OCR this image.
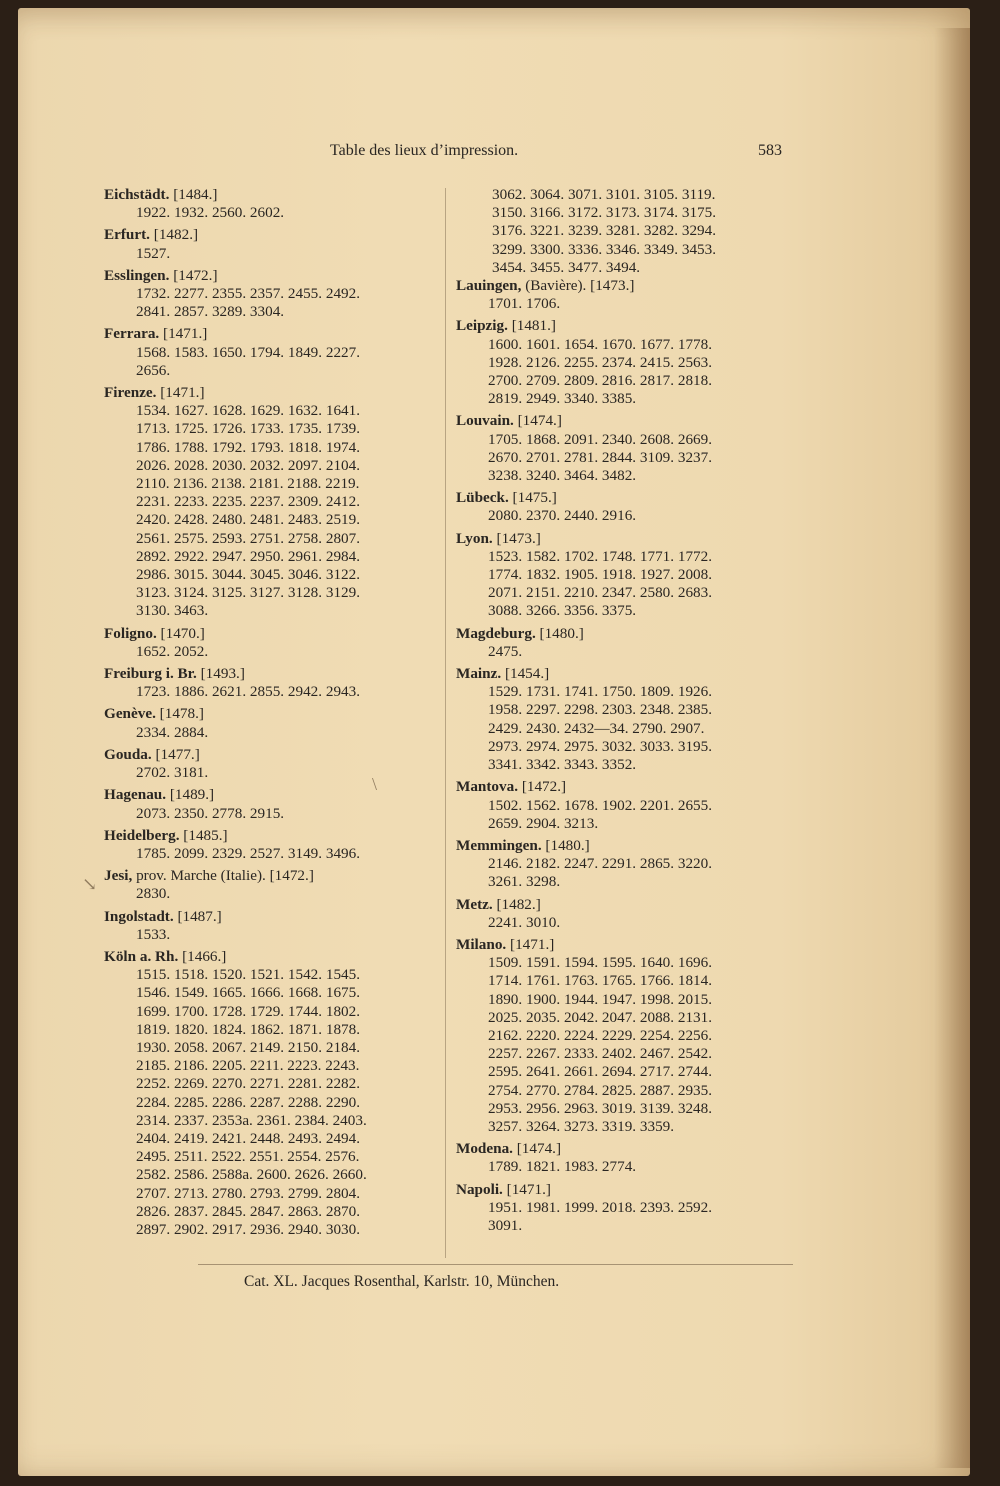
Table des lieux d’impression.	583
Eichstädt. [1484.]
1922. 1932. 2560. 2602.
Erfurt. [1482.]
1527.
Esslingen. [1472.]
1732. 2277. 2355. 2357. 2455. 2492.
2841. 2857. 3289. 3304.
Ferrara. [1471.]
1568. 1583. 1650. 1794. 1849. 2227.
2656.
Firenze. [1471.]
1534. 1627. 1628. 1629. 1632. 1641.
1713. 1725. 1726. 1733. 1735. 1739.
1786. 1788. 1792. 1793. 1818. 1974.
2026. 2028. 2030. 2032. 2097. 2104.
2110. 2136. 2138. 2181. 2188. 2219.
2231. 2233. 2235. 2237. 2309. 2412.
2420. 2428. 2480. 2481. 2483. 2519.
2561. 2575. 2593. 2751. 2758. 2807.
2892. 2922. 2947. 2950. 2961. 2984.
2986. 3015. 3044. 3045. 3046. 3122.
3123. 3124. 3125. 3127. 3128. 3129.
3130. 3463.
Foligno. [1470.]
1652. 2052.
Freiburg i. Br. [1493.]
1723. 1886. 2621. 2855. 2942. 2943.
Genève. [1478.]
2334. 2884.
Gouda. [1477.]
2702. 3181.
Hagenau. [1489.]
2073. 2350. 2778. 2915.
Heidelberg. [1485.]
1785. 2099. 2329. 2527. 3149. 3496.
Jesi, prov. Marche (Italie). [1472.]
2830.
Ingolstadt. [1487.]
1533.
Köln a. Rh. [1466.]
1515. 1518. 1520. 1521. 1542. 1545.
1546. 1549. 1665. 1666. 1668. 1675.
1699. 1700. 1728. 1729. 1744. 1802.
1819. 1820. 1824. 1862. 1871. 1878.
1930. 2058. 2067. 2149. 2150. 2184.
2185. 2186. 2205. 2211. 2223. 2243.
2252. 2269. 2270. 2271. 2281. 2282.
2284. 2285. 2286. 2287. 2288. 2290.
2314. 2337. 2353a. 2361. 2384. 2403.
2404. 2419. 2421. 2448. 2493. 2494.
2495. 2511. 2522. 2551. 2554. 2576.
2582. 2586. 2588a. 2600. 2626. 2660.
2707. 2713. 2780. 2793. 2799. 2804.
2826. 2837. 2845. 2847. 2863. 2870.
2897. 2902. 2917. 2936. 2940. 3030.
3062. 3064. 3071. 3101. 3105. 3119.
3150. 3166. 3172. 3173. 3174. 3175.
3176. 3221. 3239. 3281. 3282. 3294.
3299. 3300. 3336. 3346. 3349. 3453.
3454. 3455. 3477. 3494.
Lauingen, (Bavière). [1473.]
1701. 1706.
Leipzig. [1481.]
1600. 1601. 1654. 1670. 1677. 1778.
1928. 2126. 2255. 2374. 2415. 2563.
2700. 2709. 2809. 2816. 2817. 2818.
2819. 2949. 3340. 3385.
Louvain. [1474.]
1705. 1868. 2091. 2340. 2608. 2669.
2670. 2701. 2781. 2844. 3109. 3237.
3238. 3240. 3464. 3482.
Lübeck. [1475.]
2080. 2370. 2440. 2916.
Lyon. [1473.]
1523. 1582. 1702. 1748. 1771. 1772.
1774. 1832. 1905. 1918. 1927. 2008.
2071. 2151. 2210. 2347. 2580. 2683.
3088. 3266. 3356. 3375.
Magdeburg. [1480.]
2475.
Mainz. [1454.]
1529. 1731. 1741. 1750. 1809. 1926.
1958. 2297. 2298. 2303. 2348. 2385.
2429. 2430. 2432—34. 2790. 2907.
2973. 2974. 2975. 3032. 3033. 3195.
3341. 3342. 3343. 3352.
Mantova. [1472.]
1502. 1562. 1678. 1902. 2201. 2655.
2659. 2904. 3213.
Memmingen. [1480.]
2146. 2182. 2247. 2291. 2865. 3220.
3261. 3298.
Metz. [1482.]
2241. 3010.
Milano. [1471.]
1509. 1591. 1594. 1595. 1640. 1696.
1714. 1761. 1763. 1765. 1766. 1814.
1890. 1900. 1944. 1947. 1998. 2015.
2025. 2035. 2042. 2047. 2088. 2131.
2162. 2220. 2224. 2229. 2254. 2256.
2257. 2267. 2333. 2402. 2467. 2542.
2595. 2641. 2661. 2694. 2717. 2744.
2754. 2770. 2784. 2825. 2887. 2935.
2953. 2956. 2963. 3019. 3139. 3248.
3257. 3264. 3273. 3319. 3359.
Modena. [1474.]
1789. 1821. 1983. 2774.
Napoli. [1471.]
1951. 1981. 1999. 2018. 2393. 2592.
3091.
Cat. XL. Jacques Rosenthal, Karlstr. 10, München.
\
↘
